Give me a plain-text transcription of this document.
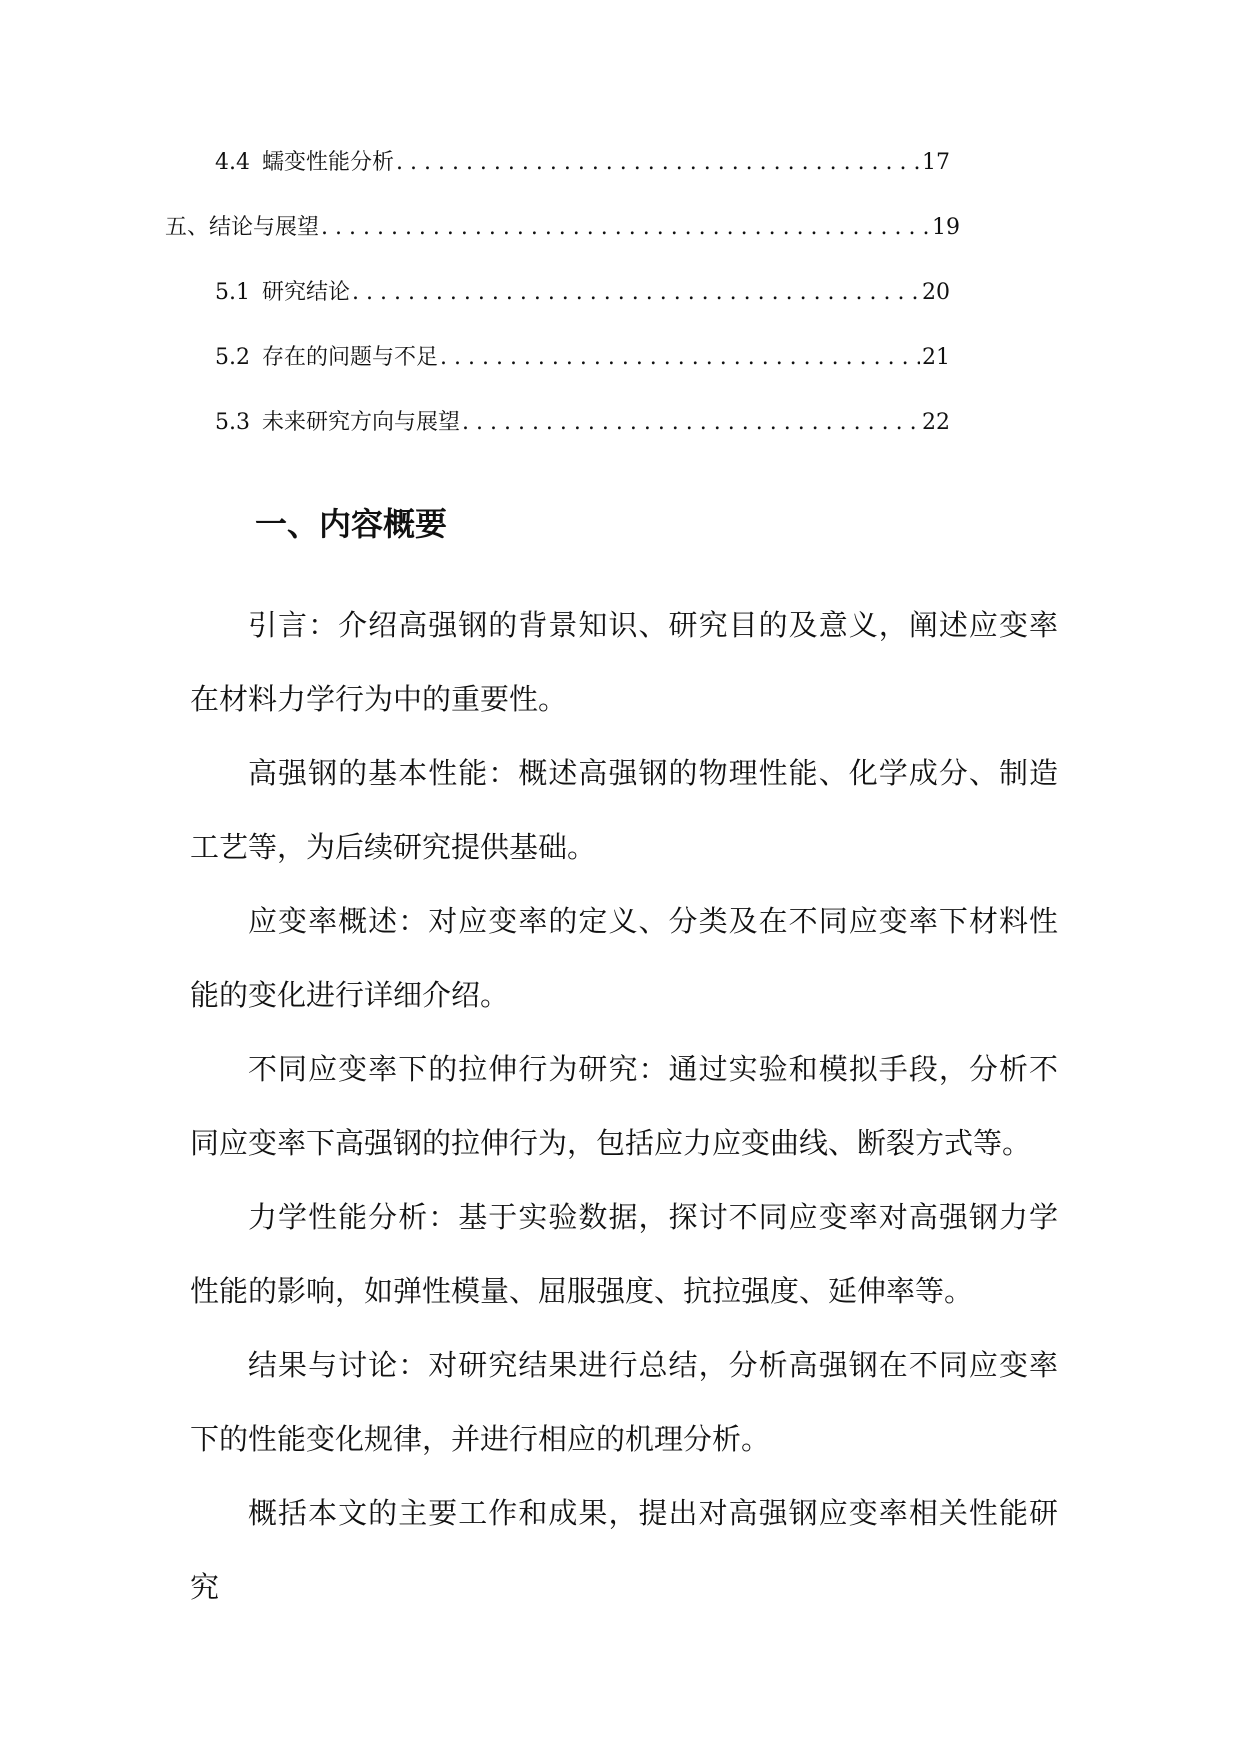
4.4 蠕变性能分析 . . .	17
五、 结论与展望 . . .	19
5.1 研究结论 . . .	20
5.2 存在的问题与不足 . . .	21
5.3 未来研究方向与展望 . . .	22
一、内容概要

引言：介绍高强钢的背景知识、研究目的及意义，阐述应变率在材料力学行为中的重要性。

高强钢的基本性能：概述高强钢的物理性能、化学成分、制造工艺等，为后续研究提供基础。

应变率概述：对应变率的定义、分类及在不同应变率下材料性能的变化进行详细介绍。

不同应变率下的拉伸行为研究：通过实验和模拟手段，分析不同应变率下高强钢的拉伸行为，包括应力应变曲线、断裂方式等。

力学性能分析：基于实验数据，探讨不同应变率对高强钢力学性能的影响，如弹性模量、屈服强度、抗拉强度、延伸率等。

结果与讨论：对研究结果进行总结，分析高强钢在不同应变率下的性能变化规律，并进行相应的机理分析。

概括本文的主要工作和成果，提出对高强钢应变率相关性能研究
